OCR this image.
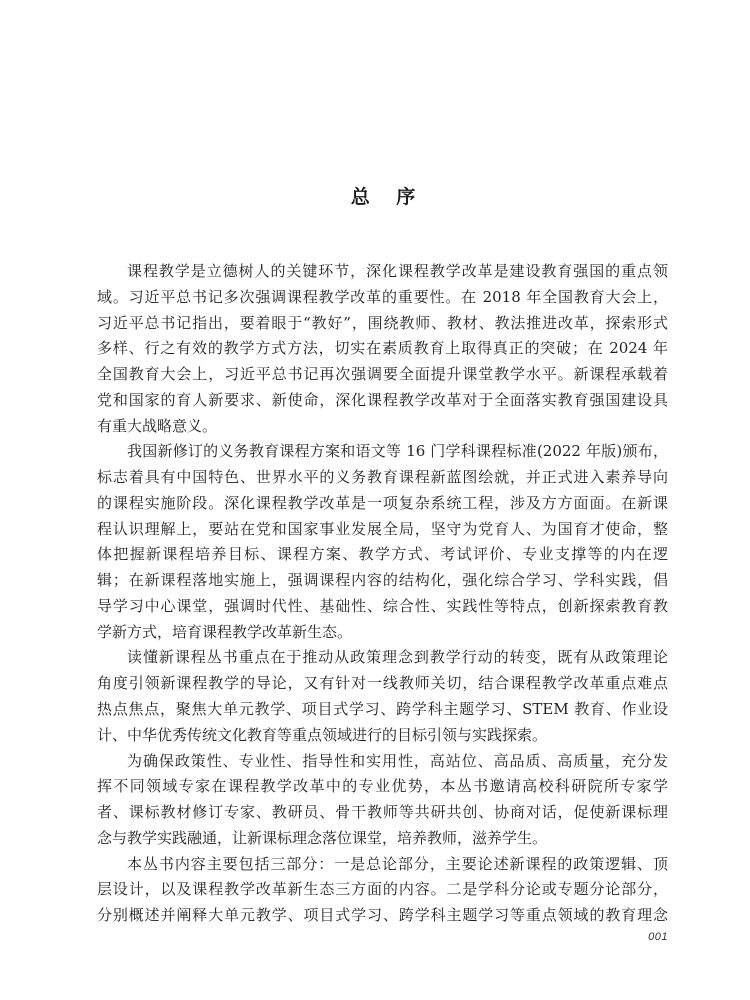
总 序
课程教学是立德树人的关键环节，深化课程教学改革是建设教育强国的重点领
域。习近平总书记多次强调课程教学改革的重要性。在 2018 年全国教育大会上，
习近平总书记指出，要着眼于“教好”，围绕教师、教材、教法推进改革，探索形式
多样、行之有效的教学方式方法，切实在素质教育上取得真正的突破；在 2024 年
全国教育大会上，习近平总书记再次强调要全面提升课堂教学水平。新课程承载着
党和国家的育人新要求、新使命，深化课程教学改革对于全面落实教育强国建设具
有重大战略意义。
我国新修订的义务教育课程方案和语文等 16 门学科课程标准(2022 年版)颁布，
标志着具有中国特色、世界水平的义务教育课程新蓝图绘就，并正式进入素养导向
的课程实施阶段。深化课程教学改革是一项复杂系统工程，涉及方方面面。在新课
程认识理解上，要站在党和国家事业发展全局，坚守为党育人、为国育才使命，整
体把握新课程培养目标、课程方案、教学方式、考试评价、专业支撑等的内在逻
辑；在新课程落地实施上，强调课程内容的结构化，强化综合学习、学科实践，倡
导学习中心课堂，强调时代性、基础性、综合性、实践性等特点，创新探索教育教
学新方式，培育课程教学改革新生态。
读懂新课程丛书重点在于推动从政策理念到教学行动的转变，既有从政策理论
角度引领新课程教学的导论，又有针对一线教师关切，结合课程教学改革重点难点
热点焦点，聚焦大单元教学、项目式学习、跨学科主题学习、STEM 教育、作业设
计、中华优秀传统文化教育等重点领域进行的目标引领与实践探索。
为确保政策性、专业性、指导性和实用性，高站位、高品质、高质量，充分发
挥不同领域专家在课程教学改革中的专业优势，本丛书邀请高校科研院所专家学
者、课标教材修订专家、教研员、骨干教师等共研共创、协商对话，促使新课标理
念与教学实践融通，让新课标理念落位课堂，培养教师，滋养学生。
本丛书内容主要包括三部分：一是总论部分，主要论述新课程的政策逻辑、顶
层设计，以及课程教学改革新生态三方面的内容。二是学科分论或专题分论部分，
分别概述并阐释大单元教学、项目式学习、跨学科主题学习等重点领域的教育理念
001
